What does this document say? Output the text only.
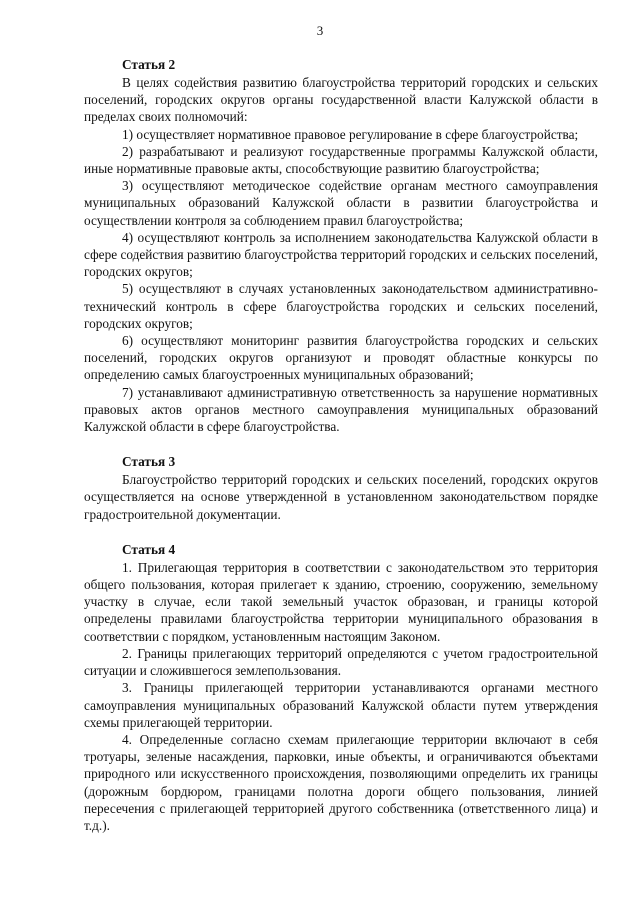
3
Статья 2

В целях содействия развитию благоустройства территорий городских и сельских поселений, городских округов органы государственной власти Калужской области в пределах своих полномочий:

1) осуществляет нормативное правовое регулирование в сфере благоустройства;

2) разрабатывают и реализуют государственные программы Калужской области, иные нормативные правовые акты, способствующие развитию благоустройства;

3) осуществляют методическое содействие органам местного самоуправления муниципальных образований Калужской области в развитии благоустройства и осуществлении контроля за соблюдением правил благоустройства;

4) осуществляют контроль за исполнением законодательства Калужской области в сфере содействия развитию благоустройства территорий городских и сельских поселений, городских округов;

5) осуществляют в случаях установленных законодательством административно-технический контроль в сфере благоустройства городских и сельских поселений, городских округов;

6) осуществляют мониторинг развития благоустройства городских и сельских поселений, городских округов организуют и проводят областные конкурсы по определению самых благоустроенных муниципальных образований;

7) устанавливают административную ответственность за нарушение нормативных правовых актов органов местного самоуправления муниципальных образований Калужской области в сфере благоустройства.

Статья 3

Благоустройство территорий городских и сельских поселений, городских округов осуществляется на основе утвержденной в установленном законодательством порядке градостроительной документации.

Статья 4

1. Прилегающая территория в соответствии с законодательством это территория общего пользования, которая прилегает к зданию, строению, сооружению, земельному участку в случае, если такой земельный участок образован, и границы которой определены правилами благоустройства территории муниципального образования в соответствии с порядком, установленным настоящим Законом.

2. Границы прилегающих территорий определяются с учетом градостроительной ситуации и сложившегося землепользования.

3. Границы прилегающей территории устанавливаются органами местного самоуправления муниципальных образований Калужской области путем утверждения схемы прилегающей территории.

4. Определенные согласно схемам прилегающие территории включают в себя тротуары, зеленые насаждения, парковки, иные объекты, и ограничиваются объектами природного или искусственного происхождения, позволяющими определить их границы (дорожным бордюром, границами полотна дороги общего пользования, линией пересечения с прилегающей территорией другого собственника (ответственного лица) и т.д.).
